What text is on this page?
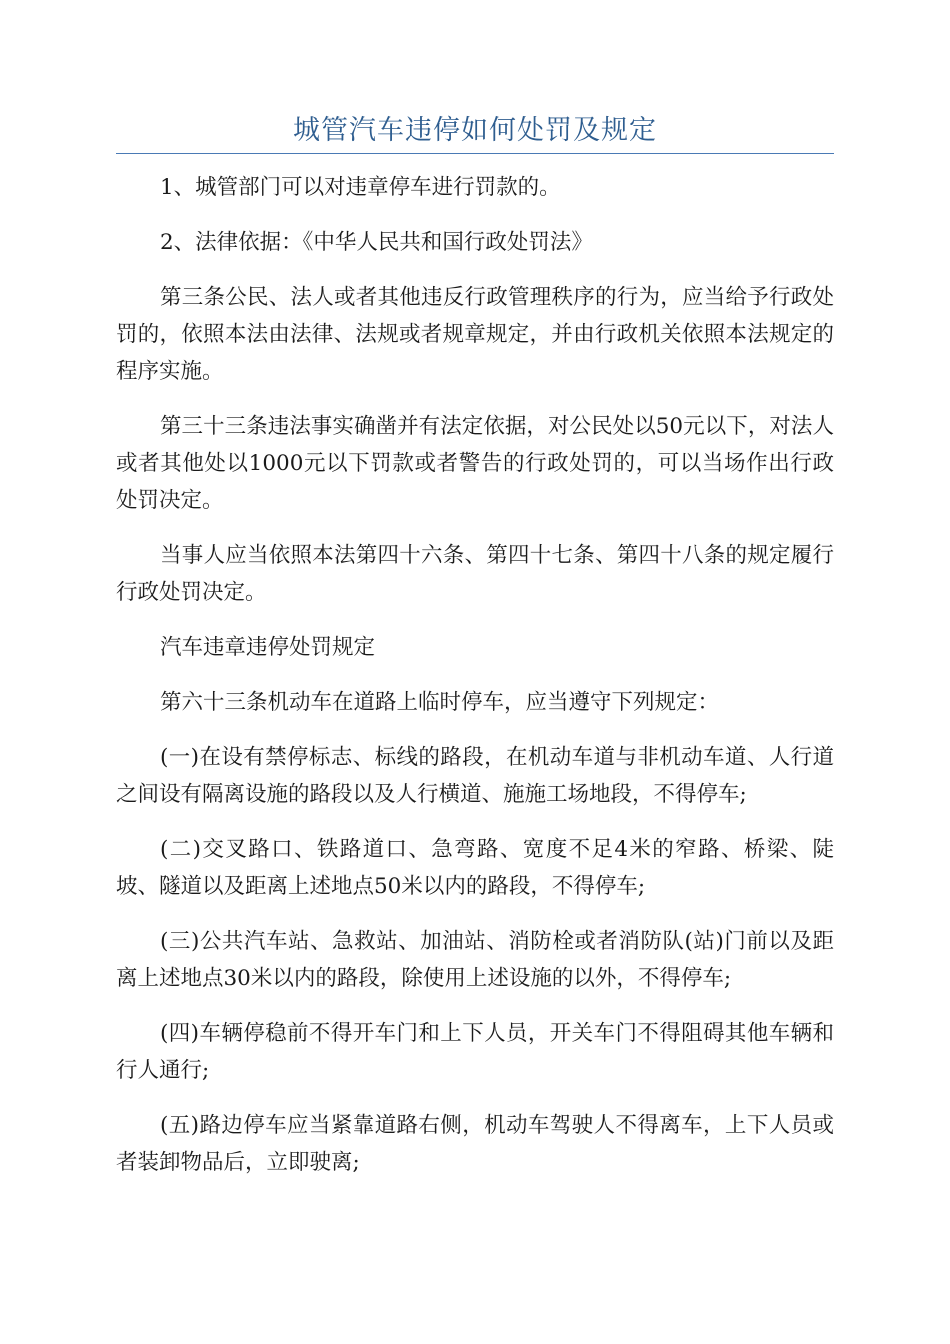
城管汽车违停如何处罚及规定

1、城管部门可以对违章停车进行罚款的。

2、法律依据：《中华人民共和国行政处罚法》

第三条公民、法人或者其他违反行政管理秩序的行为，应当给予行政处罚的，依照本法由法律、法规或者规章规定，并由行政机关依照本法规定的程序实施。

第三十三条违法事实确凿并有法定依据，对公民处以50元以下，对法人或者其他处以1000元以下罚款或者警告的行政处罚的，可以当场作出行政处罚决定。

当事人应当依照本法第四十六条、第四十七条、第四十八条的规定履行行政处罚决定。

汽车违章违停处罚规定

第六十三条机动车在道路上临时停车，应当遵守下列规定：

(一)在设有禁停标志、标线的路段，在机动车道与非机动车道、人行道之间设有隔离设施的路段以及人行横道、施施工场地段，不得停车;

(二)交叉路口、铁路道口、急弯路、宽度不足4米的窄路、桥梁、陡坡、隧道以及距离上述地点50米以内的路段，不得停车;

(三)公共汽车站、急救站、加油站、消防栓或者消防队(站)门前以及距离上述地点30米以内的路段，除使用上述设施的以外，不得停车;

(四)车辆停稳前不得开车门和上下人员，开关车门不得阻碍其他车辆和行人通行;

(五)路边停车应当紧靠道路右侧，机动车驾驶人不得离车，上下人员或者装卸物品后，立即驶离;
